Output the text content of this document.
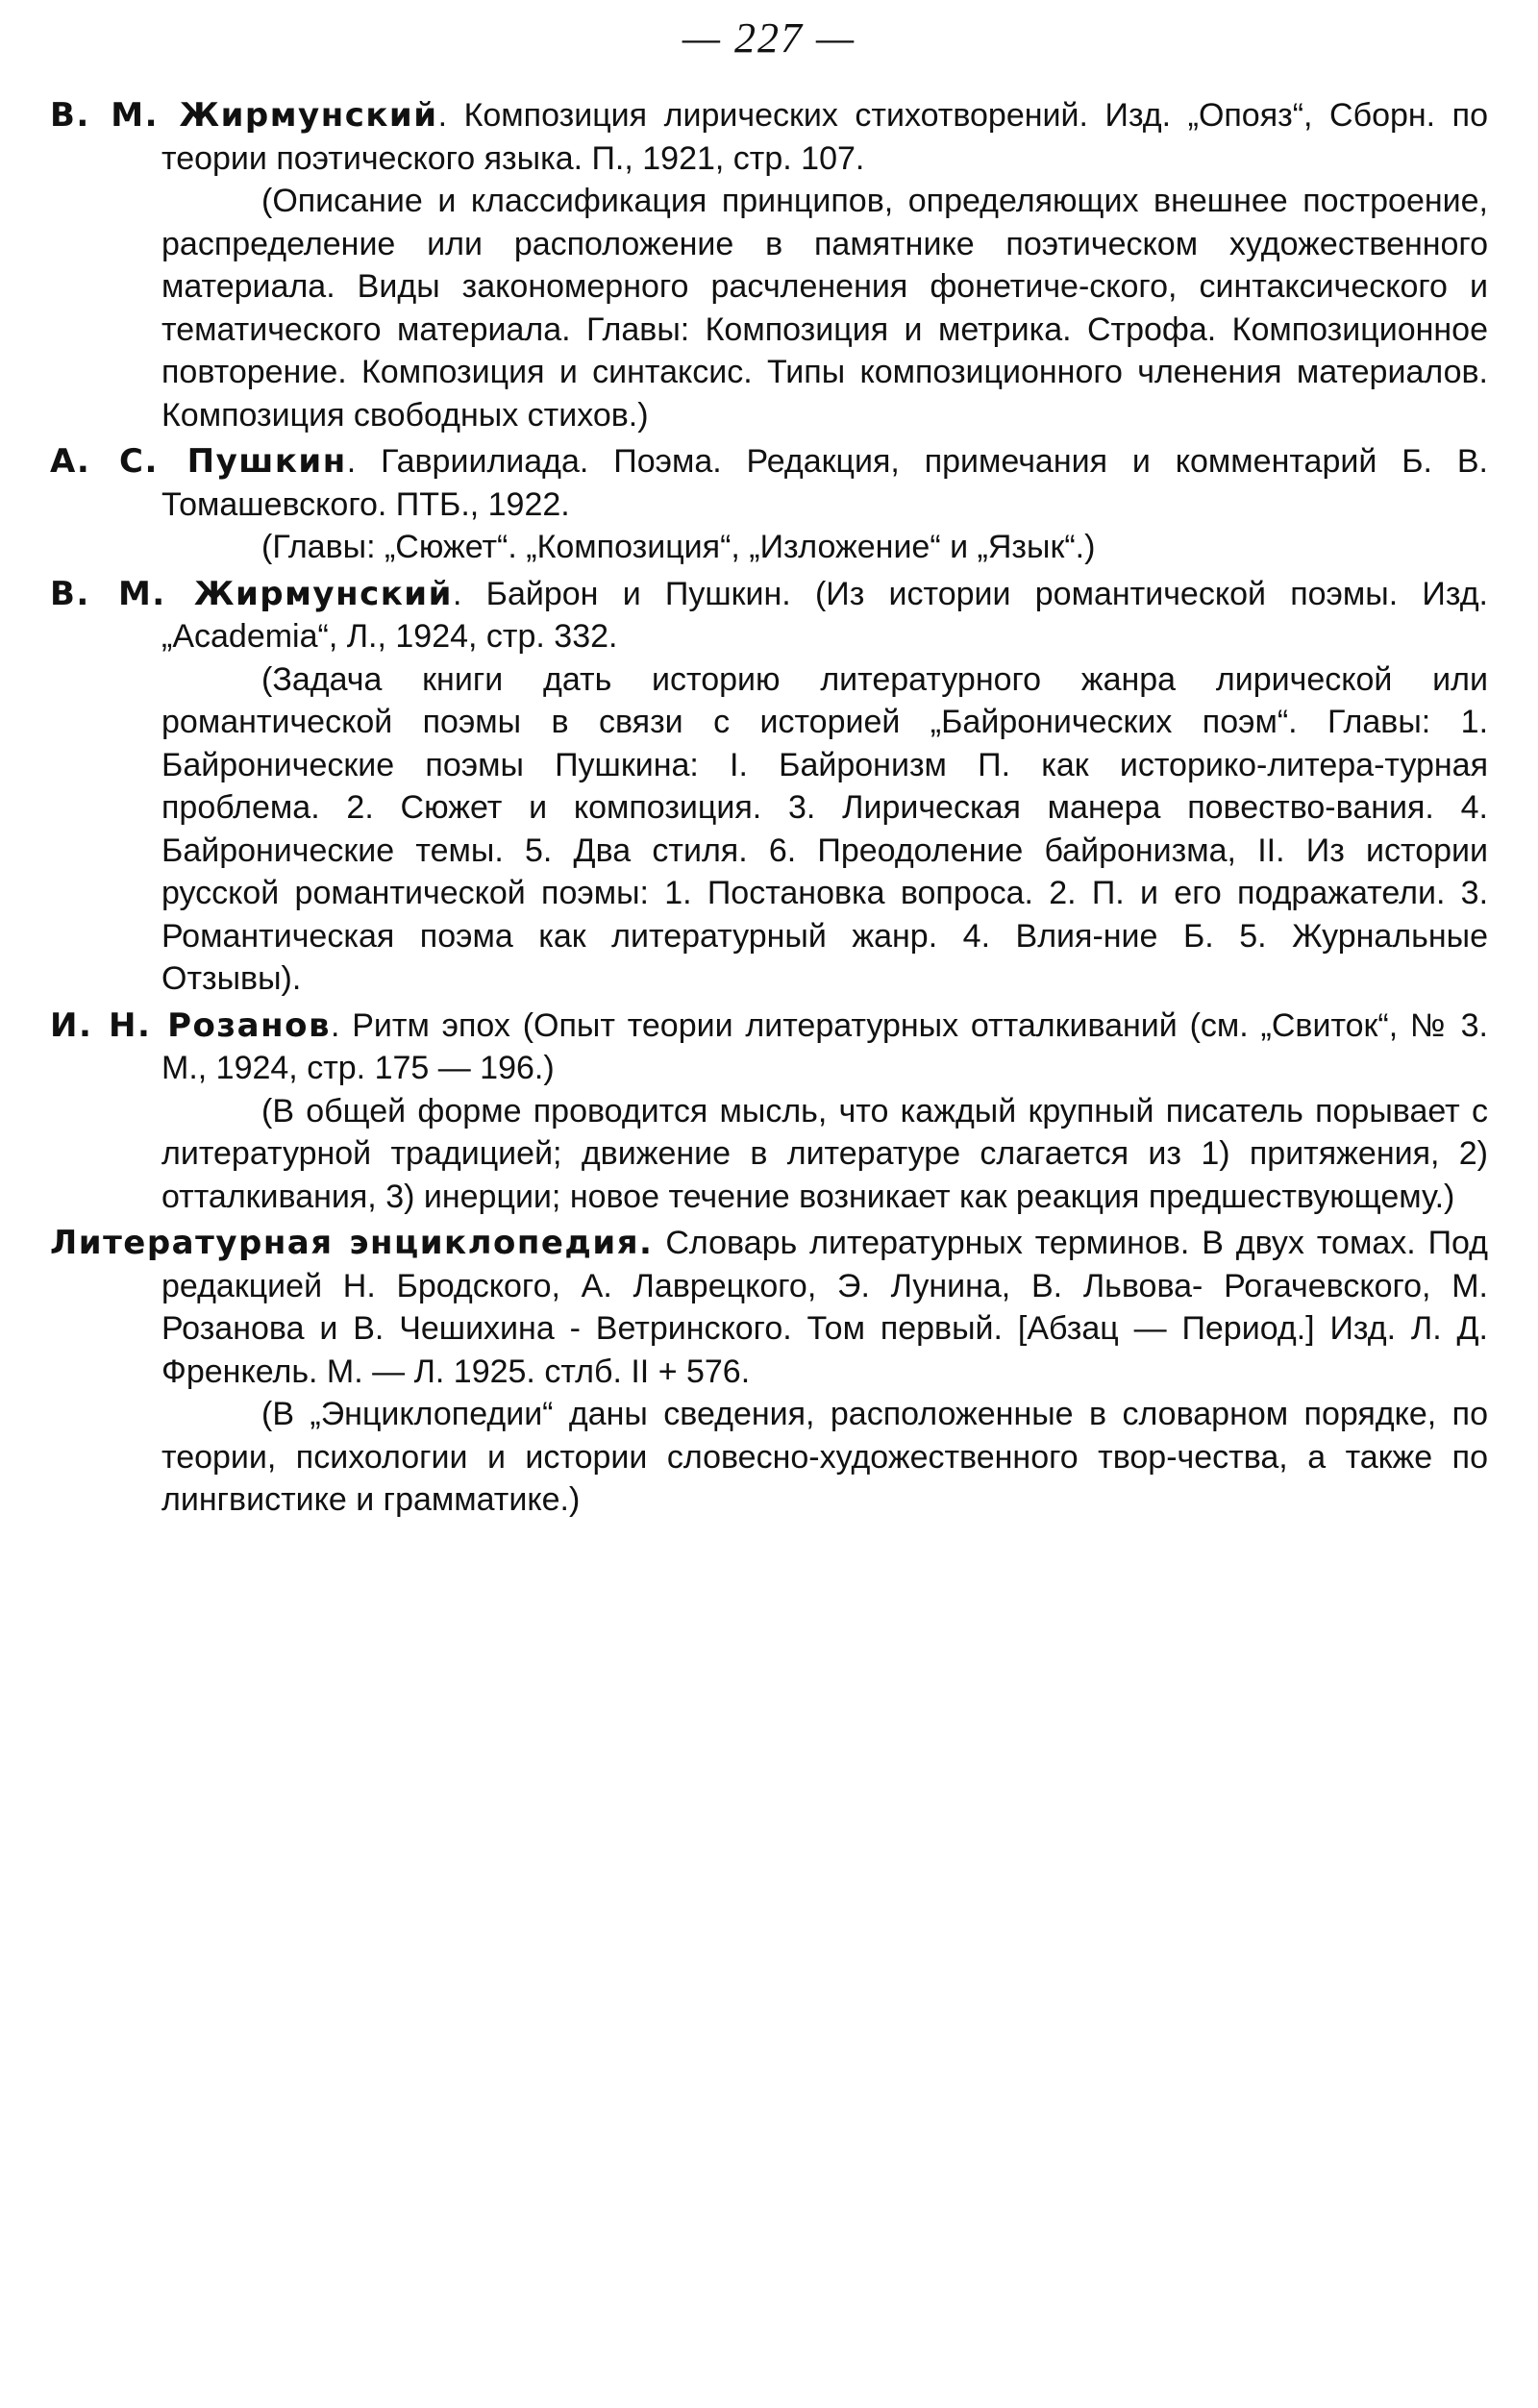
— 227 —

В. М. Жирмунский. Композиция лирических стихотворений. Изд. „Опояз“, Сборн. по теории поэтического языка. П., 1921, стр. 107.

(Описание и классификация принципов, определяющих внешнее построение, распределение или расположение в памятнике поэтическом художественного материала. Виды закономерного расчленения фонетиче-ского, синтаксического и тематического материала. Главы: Композиция и метрика. Строфа. Композиционное повторение. Композиция и синтаксис. Типы композиционного членения материалов. Композиция свободных стихов.)

А. С. Пушкин. Гавриилиада. Поэма. Редакция, примечания и комментарий Б. В. Томашевского. ПТБ., 1922.

(Главы: „Сюжет“. „Композиция“, „Изложение“ и „Язык“.)

В. М. Жирмунский. Байрон и Пушкин. (Из истории романтической поэмы. Изд. „Academia“, Л., 1924, стр. 332.

(Задача книги дать историю литературного жанра лирической или романтической поэмы в связи с историей „Байронических поэм“. Главы: 1. Байронические поэмы Пушкина: I. Байронизм П. как историко-литера-турная проблема. 2. Сюжет и композиция. 3. Лирическая манера повество-вания. 4. Байронические темы. 5. Два стиля. 6. Преодоление байронизма, II. Из истории русской романтической поэмы: 1. Постановка вопроса. 2. П. и его подражатели. 3. Романтическая поэма как литературный жанр. 4. Влия-ние Б. 5. Журнальные Отзывы).

И. Н. Розанов. Ритм эпох (Опыт теории литературных отталкиваний (см. „Свиток“, № 3. М., 1924, стр. 175 — 196.)

(В общей форме проводится мысль, что каждый крупный писатель порывает с литературной традицией; движение в литературе слагается из 1) притяжения, 2) отталкивания, 3) инерции; новое течение возникает как реакция предшествующему.)

Литературная энциклопедия. Словарь литературных терминов. В двух томах. Под редакцией Н. Бродского, А. Лаврецкого, Э. Лунина, В. Львова- Рогачевского, М. Розанова и В. Чешихина - Ветринского. Том первый. [Абзац — Период.] Изд. Л. Д. Френкель. М. — Л. 1925. стлб. II + 576.

(В „Энциклопедии“ даны сведения, расположенные в словарном порядке, по теории, психологии и истории словесно-художественного твор-чества, а также по лингвистике и грамматике.)
